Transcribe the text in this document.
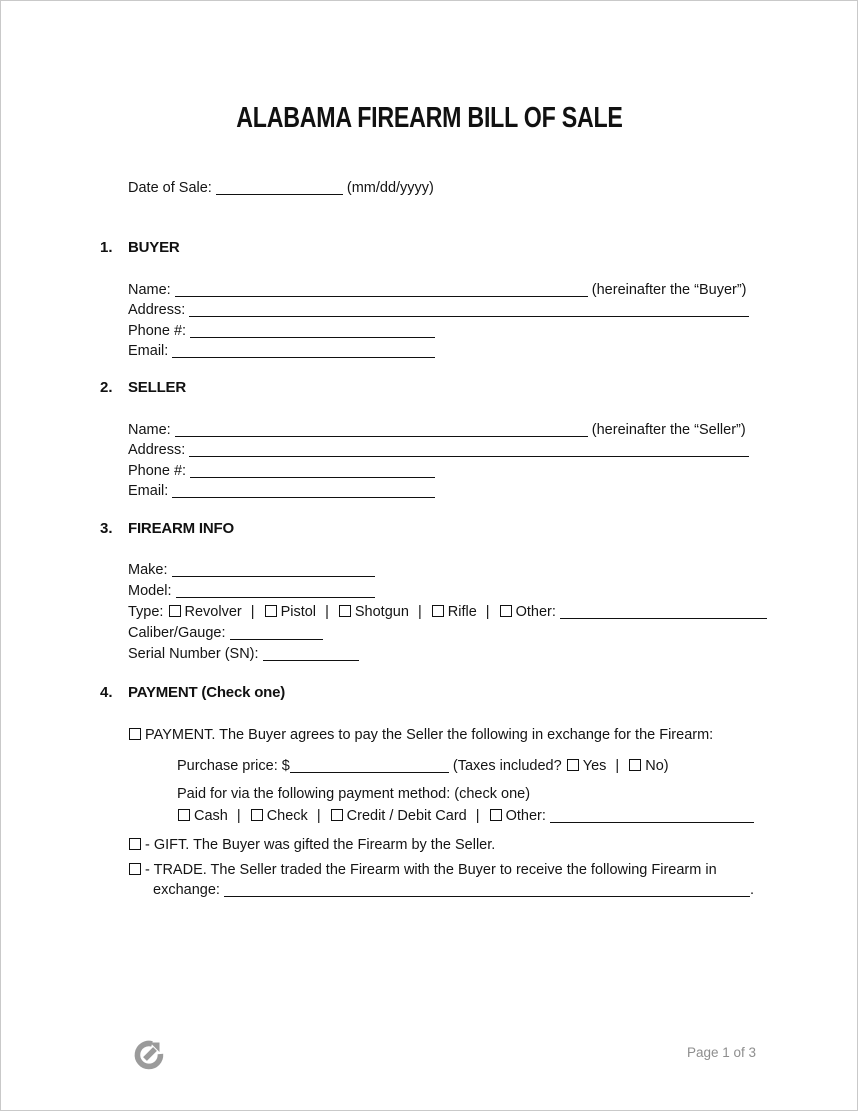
ALABAMA FIREARM BILL OF SALE
Date of Sale:	(mm/dd/yyyy)
1. BUYER
Name:	(hereinafter the “Buyer”)
Address:
Phone #:
Email:
2. SELLER
Name:	(hereinafter the “Seller”)
Address:
Phone #:
Email:
3. FIREARM INFO
Make:
Model:
Type: Revolver | Pistol | Shotgun | Rifle | Other:
Caliber/Gauge:
Serial Number (SN):
4. PAYMENT (Check one)
PAYMENT. The Buyer agrees to pay the Seller the following in exchange for the Firearm:
Purchase price: $	(Taxes included? Yes | No)
Paid for via the following payment method: (check one)
Cash | Check | Credit / Debit Card | Other:
- GIFT. The Buyer was gifted the Firearm by the Seller.
- TRADE. The Seller traded the Firearm with the Buyer to receive the following Firearm in
exchange:	.
Page 1 of 3
